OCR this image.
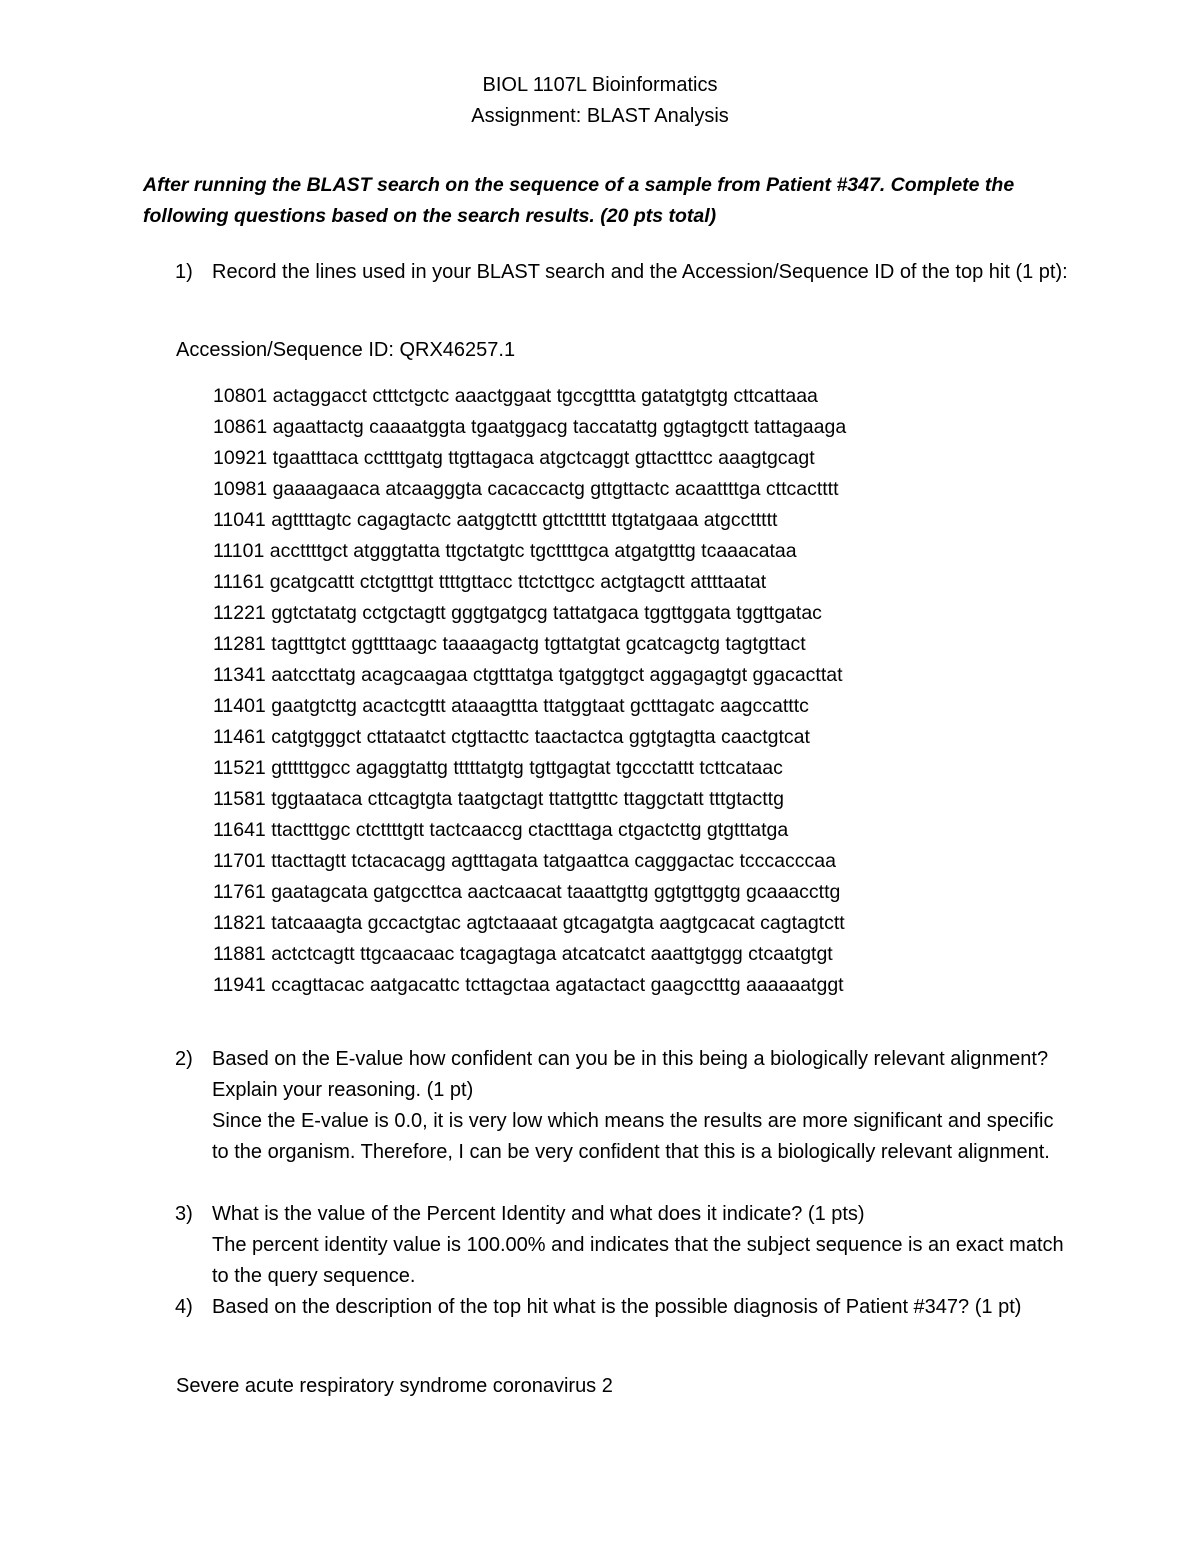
BIOL 1107L Bioinformatics
Assignment: BLAST Analysis
After running the BLAST search on the sequence of a sample from Patient #347. Complete the following questions based on the search results. (20 pts total)
1) Record the lines used in your BLAST search and the Accession/Sequence ID of the top hit (1 pt):
Accession/Sequence ID: QRX46257.1
10801 actaggacct ctttctgctc aaactggaat tgccgtttta gatatgtgtg cttcattaaa
10861 agaattactg caaaatggta tgaatggacg taccatattg ggtagtgctt tattagaaga
10921 tgaatttaca ccttttgatg ttgttagaca atgctcaggt gttactttcc aaagtgcagt
10981 gaaaagaaca atcaagggta cacaccactg gttgttactc acaattttga cttcactttt
11041 agttttagtc cagagtactc aatggtcttt gttctttttt ttgtatgaaa atgccttttt
11101 accttttgct atgggtatta ttgctatgtc tgcttttgca atgatgtttg tcaaacataa
11161 gcatgcattt ctctgtttgt ttttgttacc ttctcttgcc actgtagctt attttaatat
11221 ggtctatatg cctgctagtt gggtgatgcg tattatgaca tggttggata tggttgatac
11281 tagtttgtct ggttttaagc taaaagactg tgttatgtat gcatcagctg tagtgttact
11341 aatccttatg acagcaagaa ctgtttatga tgatggtgct aggagagtgt ggacacttat
11401 gaatgtcttg acactcgttt ataaagttta ttatggtaat gctttagatc aagccatttc
11461 catgtgggct cttataatct ctgttacttc taactactca ggtgtagtta caactgtcat
11521 gtttttggcc agaggtattg tttttatgtg tgttgagtat tgccctattt tcttcataac
11581 tggtaataca cttcagtgta taatgctagt ttattgtttc ttaggctatt tttgtacttg
11641 ttactttggc ctcttttgtt tactcaaccg ctactttaga ctgactcttg gtgtttatga
11701 ttacttagtt tctacacagg agtttagata tatgaattca cagggactac tcccacccaa
11761 gaatagcata gatgccttca aactcaacat taaattgttg ggtgttggtg gcaaaccttg
11821 tatcaaagta gccactgtac agtctaaaat gtcagatgta aagtgcacat cagtagtctt
11881 actctcagtt ttgcaacaac tcagagtaga atcatcatct aaattgtggg ctcaatgtgt
11941 ccagttacac aatgacattc tcttagctaa agatactact gaagcctttg aaaaaatggt
2) Based on the E-value how confident can you be in this being a biologically relevant alignment? Explain your reasoning. (1 pt)
Since the E-value is 0.0, it is very low which means the results are more significant and specific to the organism. Therefore, I can be very confident that this is a biologically relevant alignment.
3) What is the value of the Percent Identity and what does it indicate? (1 pts)
The percent identity value is 100.00% and indicates that the subject sequence is an exact match to the query sequence.
4) Based on the description of the top hit what is the possible diagnosis of Patient #347? (1 pt)
Severe acute respiratory syndrome coronavirus 2
